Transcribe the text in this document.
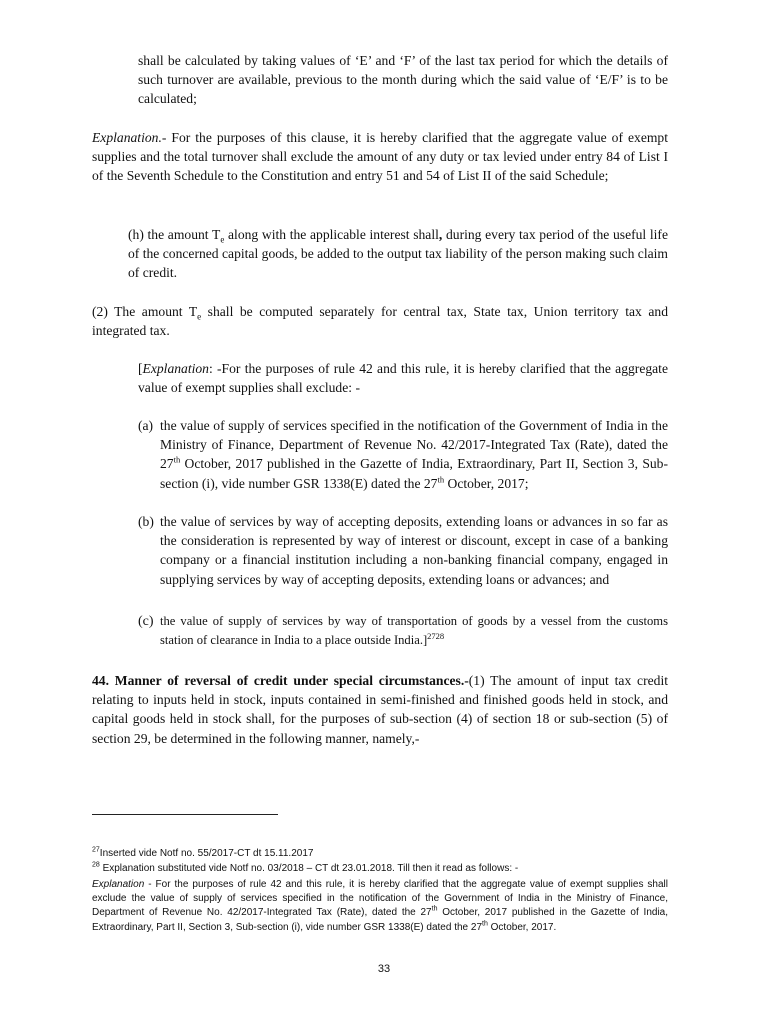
shall be calculated by taking values of ‘E’ and ‘F’ of the last tax period for which the details of such turnover are available, previous to the month during which the said value of ‘E/F’ is to be calculated;

Explanation.- For the purposes of this clause, it is hereby clarified that the aggregate value of exempt supplies and the total turnover shall exclude the amount of any duty or tax levied under entry 84 of List I of the Seventh Schedule to the Constitution and entry 51 and 54 of List II of the said Schedule;

(h) the amount $T_e$ along with the applicable interest shall, during every tax period of the useful life of the concerned capital goods, be added to the output tax liability of the person making such claim of credit.

(2) The amount $T_e$ shall be computed separately for central tax, State tax, Union territory tax and integrated tax.

[Explanation: -For the purposes of rule 42 and this rule, it is hereby clarified that the aggregate value of exempt supplies shall exclude: -

(a) the value of supply of services specified in the notification of the Government of India in the Ministry of Finance, Department of Revenue No. 42/2017-Integrated Tax (Rate), dated the 27th October, 2017 published in the Gazette of India, Extraordinary, Part II, Section 3, Sub-section (i), vide number GSR 1338(E) dated the 27th October, 2017;
(b) the value of services by way of accepting deposits, extending loans or advances in so far as the consideration is represented by way of interest or discount, except in case of a banking company or a financial institution including a non-banking financial company, engaged in supplying services by way of accepting deposits, extending loans or advances; and
(c) the value of supply of services by way of transportation of goods by a vessel from the customs station of clearance in India to a place outside India.]$^{2728}$

44. Manner of reversal of credit under special circumstances.-(1) The amount of input tax credit relating to inputs held in stock, inputs contained in semi-finished and finished goods held in stock, and capital goods held in stock shall, for the purposes of sub-section (4) of section 18 or sub-section (5) of section 29, be determined in the following manner, namely,-

$^{27}$Inserted vide Notf no. 55/2017-CT dt 15.11.2017

$^{28}$ Explanation substituted vide Notf no. 03/2018 – CT dt 23.01.2018. Till then it read as follows: -

Explanation - For the purposes of rule 42 and this rule, it is hereby clarified that the aggregate value of exempt supplies shall exclude the value of supply of services specified in the notification of the Government of India in the Ministry of Finance, Department of Revenue No. 42/2017-Integrated Tax (Rate), dated the 27th October, 2017 published in the Gazette of India, Extraordinary, Part II, Section 3, Sub-section (i), vide number GSR 1338(E) dated the 27th October, 2017.

33
